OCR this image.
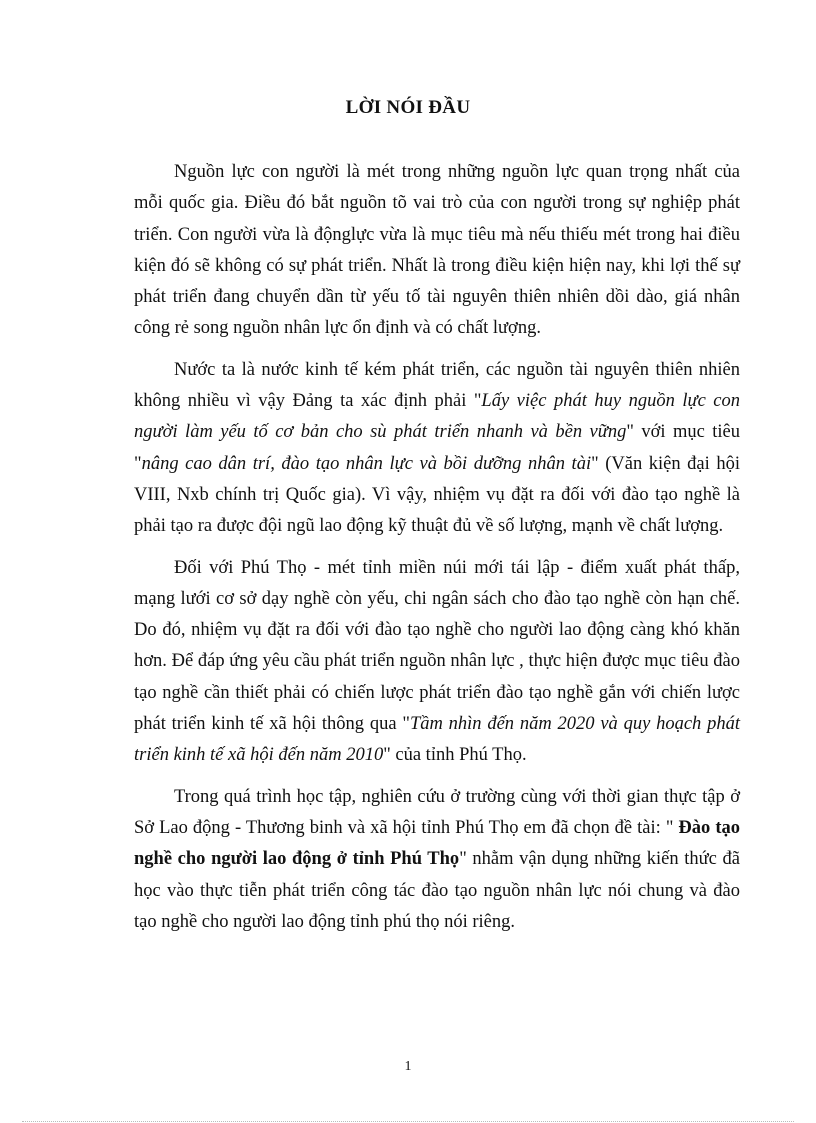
LỜI NÓI ĐẦU

Nguồn lực con người là mét trong những nguồn lực quan trọng nhất của mỗi quốc gia. Điều đó bắt nguồn tõ vai trò của con người trong sự nghiệp phát triển. Con người vừa là độnglực vừa là mục tiêu mà nếu thiếu mét trong hai điều kiện đó sẽ không có sự phát triển. Nhất là trong điều kiện hiện nay, khi lợi thế sự phát triển đang chuyển dần từ yếu tố tài nguyên thiên nhiên dồi dào, giá nhân công rẻ song nguồn nhân lực ổn định và có chất lượng.

Nước ta là nước kinh tế kém phát triển, các nguồn tài nguyên thiên nhiên không nhiều vì vậy Đảng ta xác định phải "Lấy việc phát huy nguồn lực con người làm yếu tố cơ bản cho sù phát triển nhanh và bền vững" với mục tiêu "nâng cao dân trí, đào tạo nhân lực và bồi dưỡng nhân tài" (Văn kiện đại hội VIII, Nxb chính trị Quốc gia). Vì vậy, nhiệm vụ đặt ra đối với đào tạo nghề là phải tạo ra được đội ngũ lao động kỹ thuật đủ về số lượng, mạnh về chất lượng.

Đối với Phú Thọ - mét tỉnh miền núi mới tái lập - điểm xuất phát thấp, mạng lưới cơ sở dạy nghề còn yếu, chi ngân sách cho đào tạo nghề còn hạn chế. Do đó, nhiệm vụ đặt ra đối với đào tạo nghề cho người lao động càng khó khăn hơn. Để đáp ứng yêu cầu phát triển nguồn nhân lực , thực hiện được mục tiêu đào tạo nghề cần thiết phải có chiến lược phát triển đào tạo nghề gắn với chiến lược phát triển kinh tế xã hội thông qua "Tầm nhìn đến năm 2020 và quy hoạch phát triển kinh tế xã hội đến năm 2010" của tỉnh Phú Thọ.

Trong quá trình học tập, nghiên cứu ở trường cùng với thời gian thực tập ở Sở Lao động - Thương binh và xã hội tỉnh Phú Thọ em đã chọn đề tài: " Đào tạo nghề cho người lao động ở tỉnh Phú Thọ" nhằm vận dụng những kiến thức đã học vào thực tiễn phát triển công tác đào tạo nguồn nhân lực nói chung và đào tạo nghề cho người lao động tỉnh phú thọ nói riêng.

1
